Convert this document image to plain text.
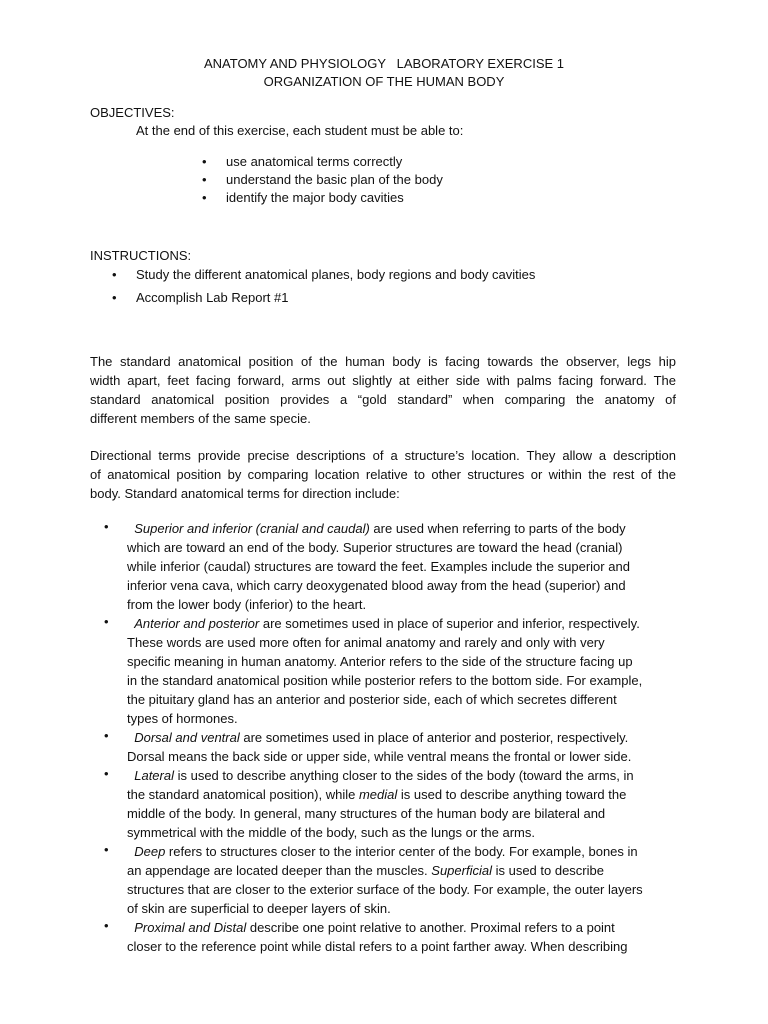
ANATOMY AND PHYSIOLOGY   LABORATORY EXERCISE 1
ORGANIZATION OF THE HUMAN BODY
OBJECTIVES:
At the end of this exercise, each student must be able to:
• use anatomical terms correctly
• understand the basic plan of the body
• identify the major body cavities
INSTRUCTIONS:
• Study the different anatomical planes, body regions and body cavities
• Accomplish Lab Report #1
The standard anatomical position of the human body is facing towards the observer, legs hip
width apart, feet facing forward, arms out slightly at either side with palms facing forward. The
standard anatomical position provides a “gold standard” when comparing the anatomy of
different members of the same specie.
Directional terms provide precise descriptions of a structure’s location. They allow a description
of anatomical position by comparing location relative to other structures or within the rest of the
body. Standard anatomical terms for direction include:
•	Superior and inferior (cranial and caudal) are used when referring to parts of the body
which are toward an end of the body. Superior structures are toward the head (cranial)
while inferior (caudal) structures are toward the feet. Examples include the superior and
inferior vena cava, which carry deoxygenated blood away from the head (superior) and
from the lower body (inferior) to the heart.
•	Anterior and posterior are sometimes used in place of superior and inferior, respectively.
These words are used more often for animal anatomy and rarely and only with very
specific meaning in human anatomy. Anterior refers to the side of the structure facing up
in the standard anatomical position while posterior refers to the bottom side. For example,
the pituitary gland has an anterior and posterior side, each of which secretes different
types of hormones.
•	Dorsal and ventral are sometimes used in place of anterior and posterior, respectively.
Dorsal means the back side or upper side, while ventral means the frontal or lower side.
•	Lateral is used to describe anything closer to the sides of the body (toward the arms, in
the standard anatomical position), while medial is used to describe anything toward the
middle of the body. In general, many structures of the human body are bilateral and
symmetrical with the middle of the body, such as the lungs or the arms.
•	Deep refers to structures closer to the interior center of the body. For example, bones in
an appendage are located deeper than the muscles. Superficial is used to describe
structures that are closer to the exterior surface of the body. For example, the outer layers
of skin are superficial to deeper layers of skin.
•	Proximal and Distal describe one point relative to another. Proximal refers to a point
closer to the reference point while distal refers to a point farther away. When describing
